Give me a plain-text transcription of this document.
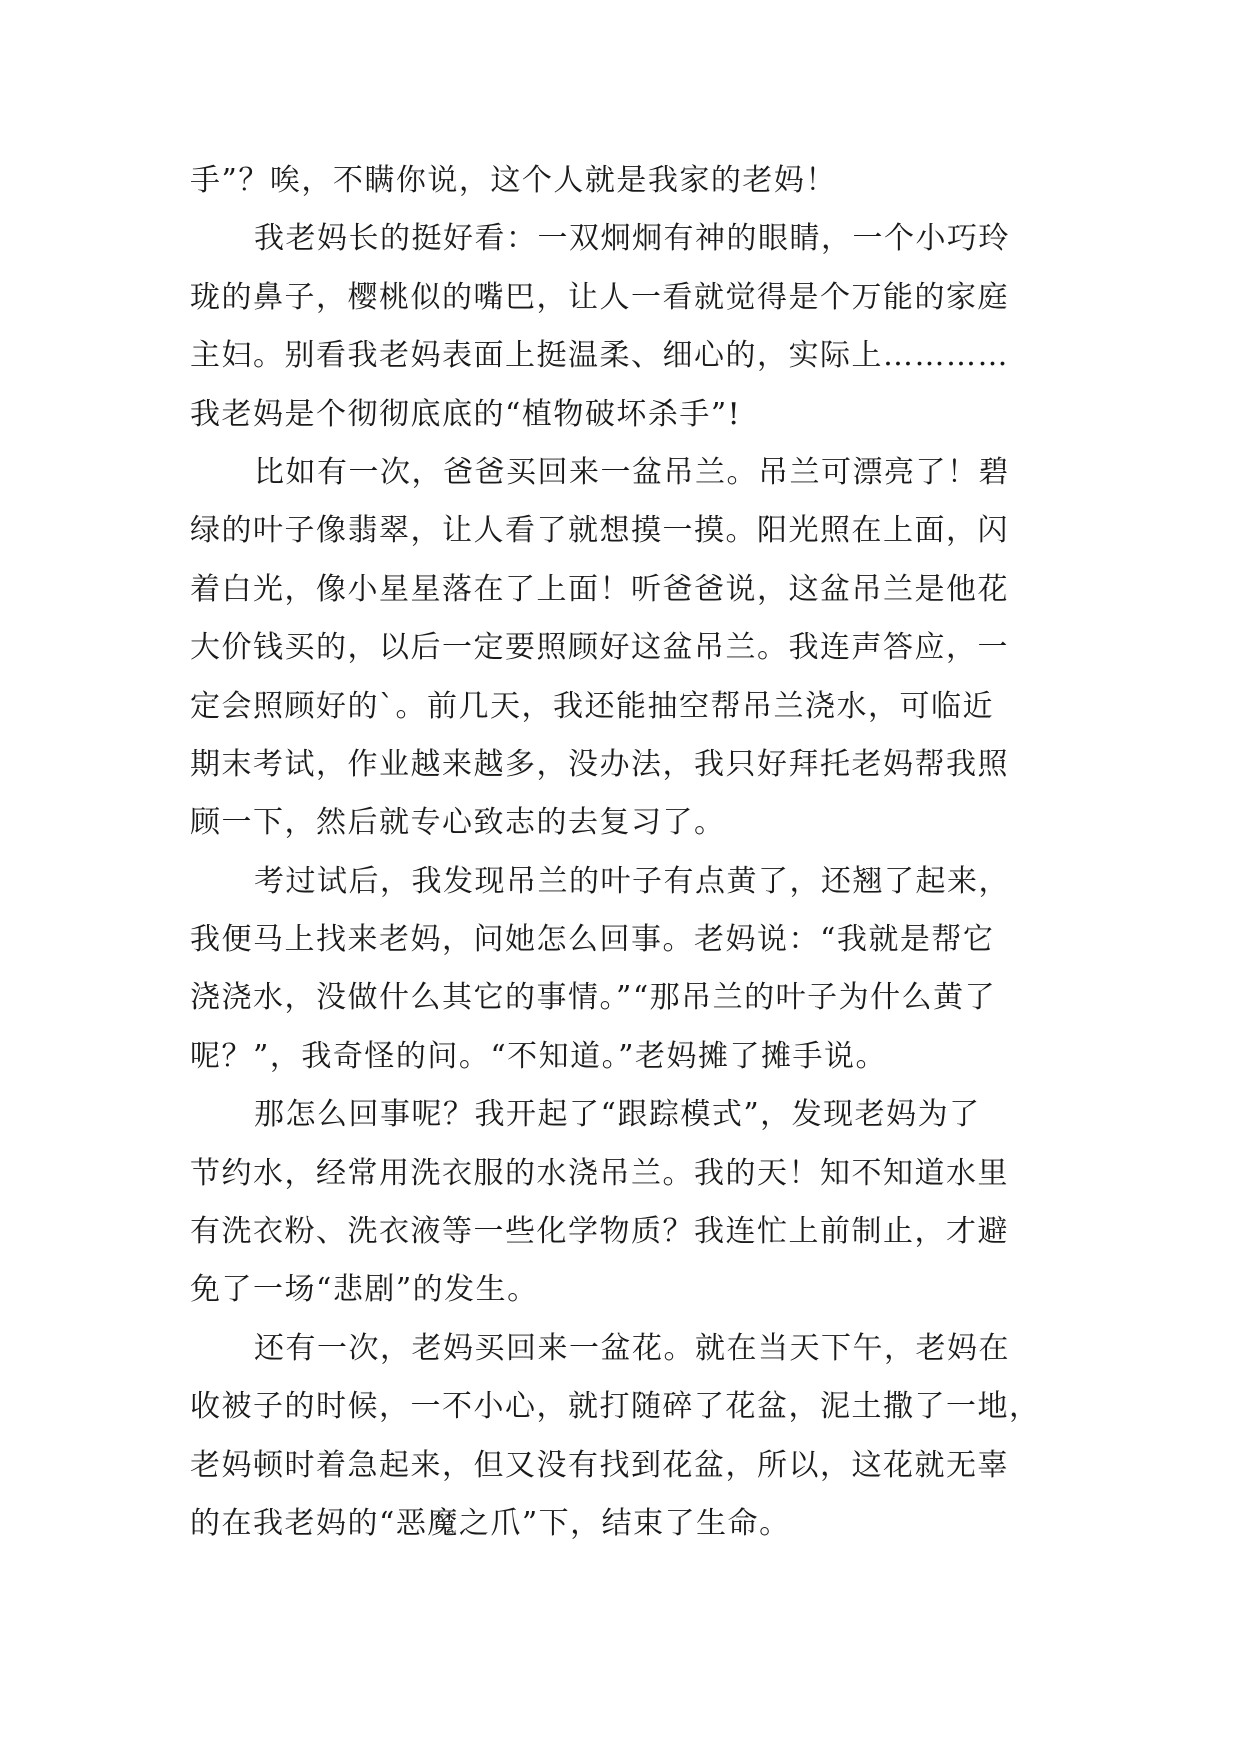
手”？唉，不瞒你说，这个人就是我家的老妈！
我老妈长的挺好看：一双炯炯有神的眼睛，一个小巧玲
珑的鼻子，樱桃似的嘴巴，让人一看就觉得是个万能的家庭
主妇。别看我老妈表面上挺温柔、细心的，实际上…………
我老妈是个彻彻底底的“植物破坏杀手”!
比如有一次，爸爸买回来一盆吊兰。吊兰可漂亮了！碧
绿的叶子像翡翠，让人看了就想摸一摸。阳光照在上面，闪
着白光，像小星星落在了上面！听爸爸说，这盆吊兰是他花
大价钱买的，以后一定要照顾好这盆吊兰。我连声答应，一
定会照顾好的`。前几天，我还能抽空帮吊兰浇水，可临近
期末考试，作业越来越多，没办法，我只好拜托老妈帮我照
顾一下，然后就专心致志的去复习了。
考过试后，我发现吊兰的叶子有点黄了，还翘了起来，
我便马上找来老妈，问她怎么回事。老妈说：“我就是帮它
浇浇水，没做什么其它的事情。”“那吊兰的叶子为什么黄了
呢？”，我奇怪的问。“不知道。”老妈摊了摊手说。
那怎么回事呢？我开起了“跟踪模式”，发现老妈为了
节约水，经常用洗衣服的水浇吊兰。我的天！知不知道水里
有洗衣粉、洗衣液等一些化学物质？我连忙上前制止，才避
免了一场“悲剧”的发生。
还有一次，老妈买回来一盆花。就在当天下午，老妈在
收被子的时候，一不小心，就打随碎了花盆，泥土撒了一地，
老妈顿时着急起来，但又没有找到花盆，所以，这花就无辜
的在我老妈的“恶魔之爪”下，结束了生命。
